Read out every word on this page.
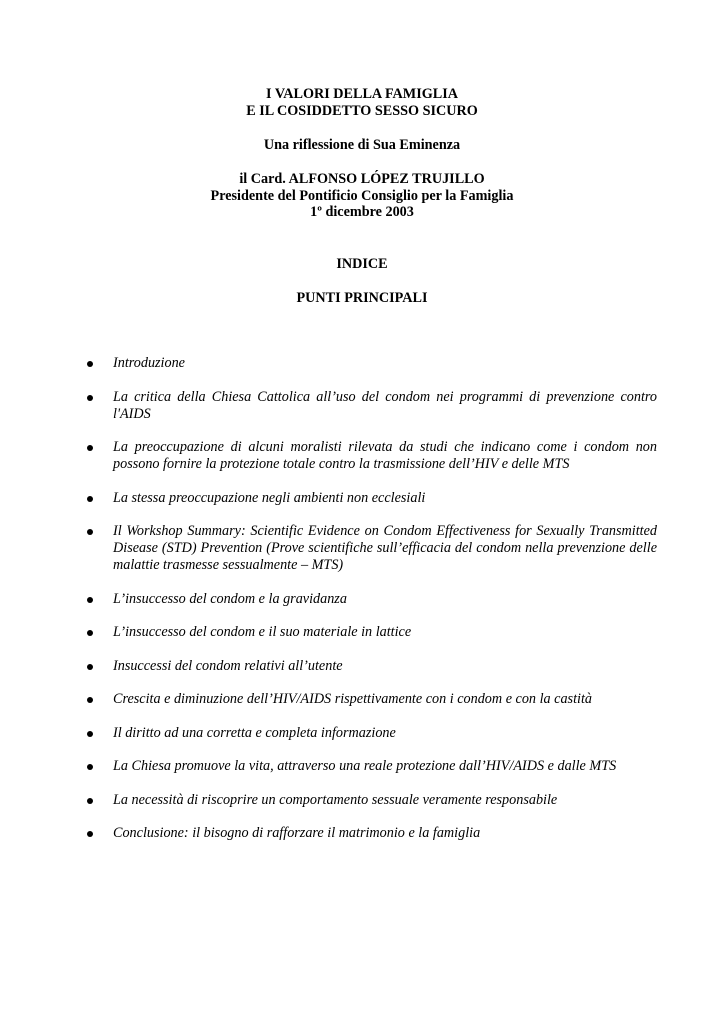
I VALORI DELLA FAMIGLIA
E IL COSIDDETTO SESSO SICURO
Una riflessione di Sua Eminenza
il Card. ALFONSO LÓPEZ TRUJILLO
Presidente del Pontificio Consiglio per la Famiglia
1º dicembre 2003
INDICE
PUNTI PRINCIPALI
Introduzione
La critica della Chiesa Cattolica all’uso del condom nei programmi di prevenzione contro l'AIDS
La preoccupazione di alcuni moralisti rilevata da studi che indicano come i condom non possono fornire la protezione totale contro la trasmissione dell’HIV e delle MTS
La stessa preoccupazione negli ambienti non ecclesiali
Il Workshop Summary: Scientific Evidence on Condom Effectiveness for Sexually Transmitted Disease (STD) Prevention (Prove scientifiche sull’efficacia del condom nella prevenzione delle malattie trasmesse sessualmente – MTS)
L’insuccesso del condom e la gravidanza
L’insuccesso del condom e il suo materiale in lattice
Insuccessi del condom relativi all’utente
Crescita e diminuzione dell’HIV/AIDS rispettivamente con i condom e con la castità
Il diritto ad una corretta e completa informazione
La Chiesa promuove la vita, attraverso una reale protezione dall’HIV/AIDS e dalle MTS
La necessità di riscoprire un comportamento sessuale veramente responsabile
Conclusione: il bisogno di rafforzare il matrimonio e la famiglia
